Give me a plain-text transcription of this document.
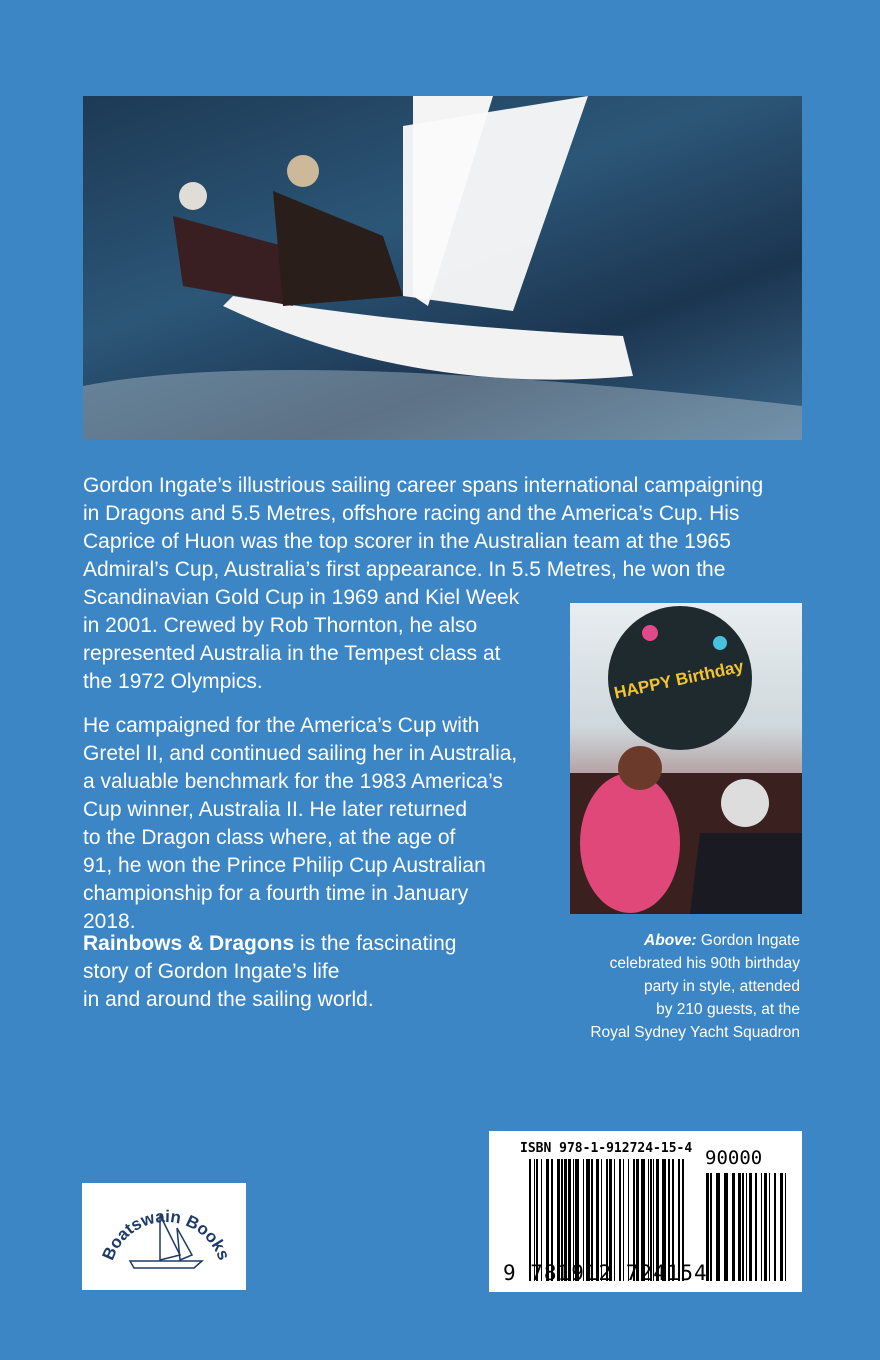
Gordon Ingate’s illustrious sailing career spans international campaigning
in Dragons and 5.5 Metres, offshore racing and the America’s Cup. His
Caprice of Huon was the top scorer in the Australian team at the 1965
Admiral’s Cup, Australia’s first appearance. In 5.5 Metres, he won the
Scandinavian Gold Cup in 1969 and Kiel Week
in 2001. Crewed by Rob Thornton, he also
represented Australia in the Tempest class at
the 1972 Olympics.
He campaigned for the America’s Cup with
Gretel II, and continued sailing her in Australia,
a valuable benchmark for the 1983 America’s
Cup winner, Australia II. He later returned
to the Dragon class where, at the age of
91, he won the Prince Philip Cup Australian
championship for a fourth time in January
2018.
Rainbows & Dragons is the fascinating
story of Gordon Ingate’s life
in and around the sailing world.
HAPPY Birthday
Above: Gordon Ingate
celebrated his 90th birthday
party in style, attended
by 210 guests, at the
Royal Sydney Yacht Squadron
Boatswain Books
ISBN 978-1-912724-15-4 90000
9 781912 724154
